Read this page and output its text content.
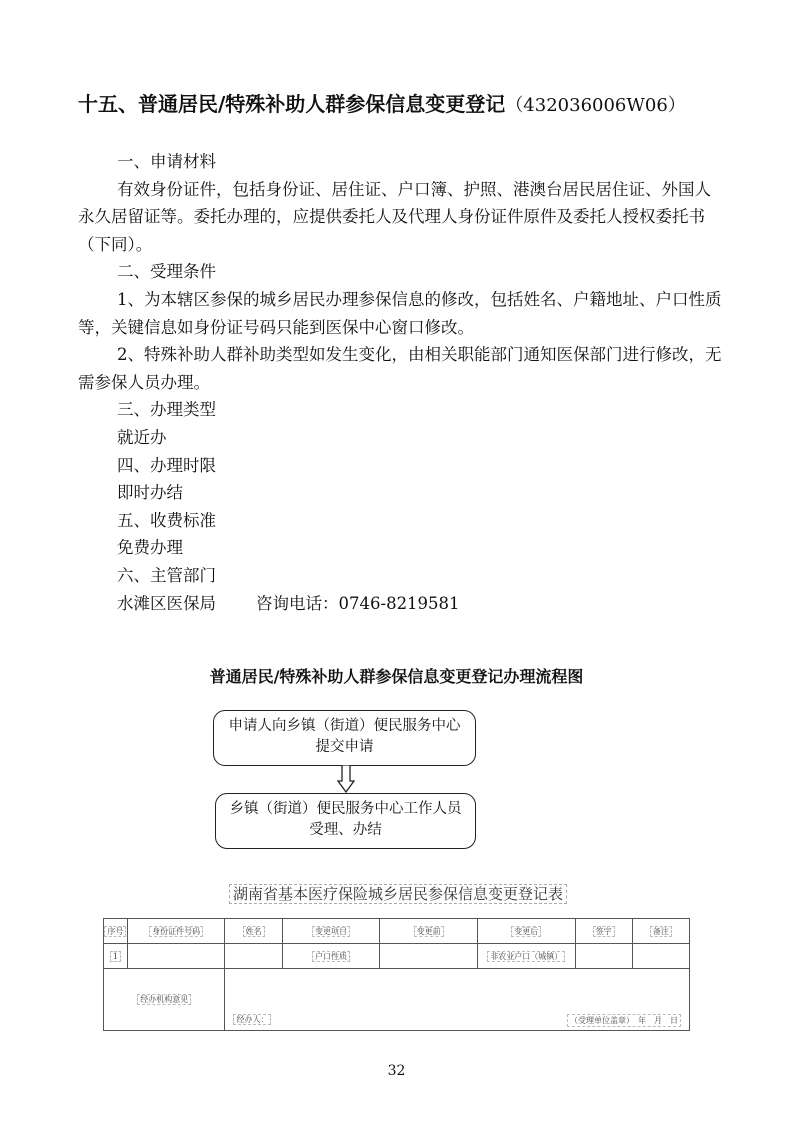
十五、普通居民/特殊补助人群参保信息变更登记（432036006W06）

一、申请材料

有效身份证件，包括身份证、居住证、户口簿、护照、港澳台居民居住证、外国人永久居留证等。委托办理的，应提供委托人及代理人身份证件原件及委托人授权委托书（下同）。

二、受理条件

1、为本辖区参保的城乡居民办理参保信息的修改，包括姓名、户籍地址、户口性质等，关键信息如身份证号码只能到医保中心窗口修改。

2、特殊补助人群补助类型如发生变化，由相关职能部门通知医保部门进行修改，无需参保人员办理。

三、办理类型

就近办

四、办理时限

即时办结

五、收费标准

免费办理

六、主管部门

水滩区医保局 咨询电话：0746-8219581

普通居民/特殊补助人群参保信息变更登记办理流程图
申请人向乡镇（街道）便民服务中心
提交申请
乡镇（街道）便民服务中心工作人员
受理、办结
湖南省基本医疗保险城乡居民参保信息变更登记表
序号	身份证件号码	姓名	变更项目	变更前	变更后	签字	备注
1			户口性质		非农业户口（城镇）		
经办机构意见		经办人： （受理单位盖章）　年　月　日					
32
